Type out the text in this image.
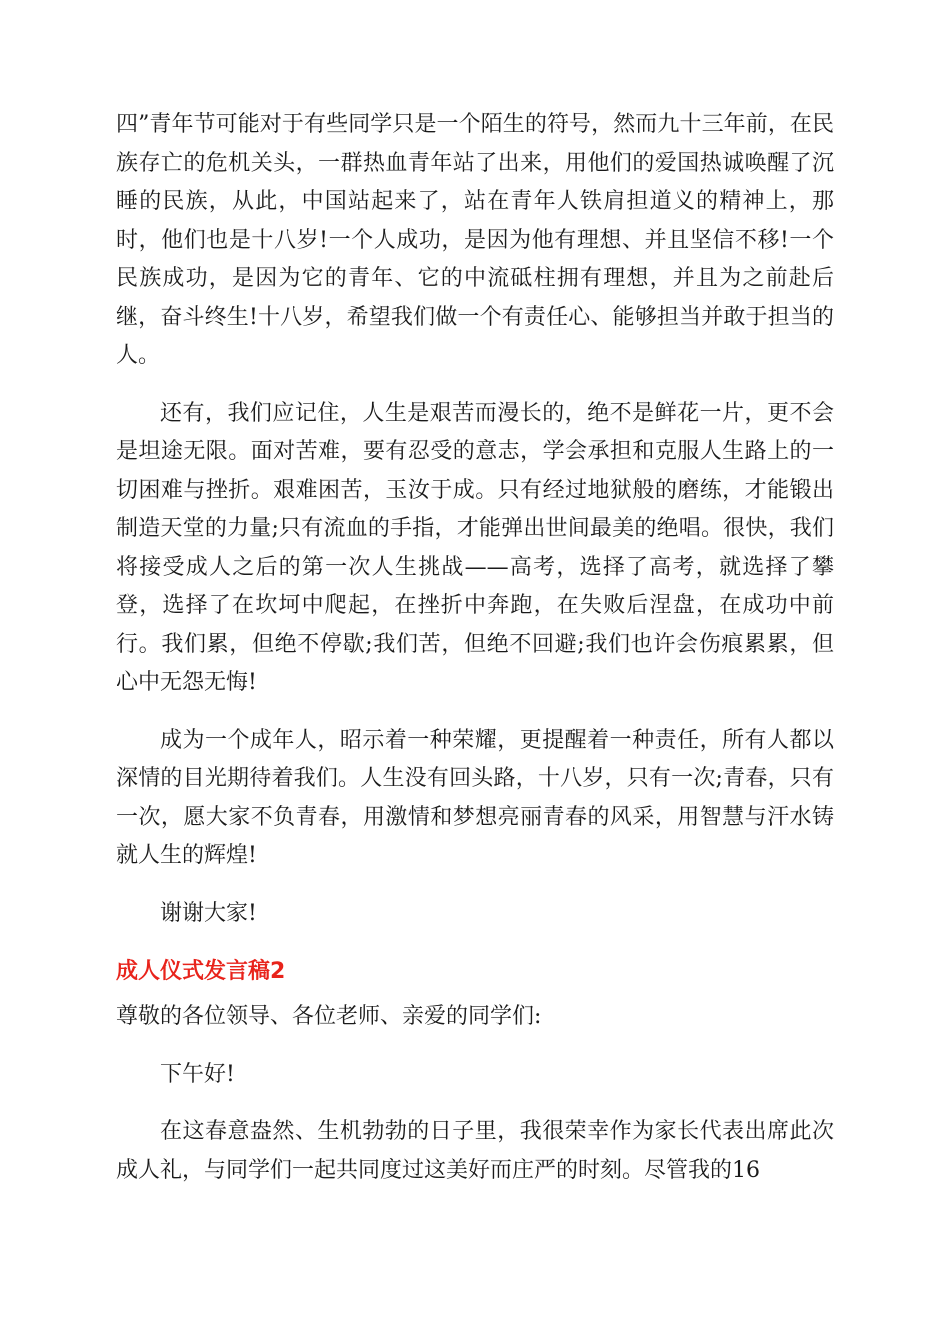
四”青年节可能对于有些同学只是一个陌生的符号，然而九十三年前，在民族存亡的危机关头，一群热血青年站了出来，用他们的爱国热诚唤醒了沉睡的民族，从此，中国站起来了，站在青年人铁肩担道义的精神上，那时，他们也是十八岁!一个人成功，是因为他有理想、并且坚信不移!一个民族成功，是因为它的青年、它的中流砥柱拥有理想，并且为之前赴后继，奋斗终生!十八岁，希望我们做一个有责任心、能够担当并敢于担当的人。

还有，我们应记住，人生是艰苦而漫长的，绝不是鲜花一片，更不会是坦途无限。面对苦难，要有忍受的意志，学会承担和克服人生路上的一切困难与挫折。艰难困苦，玉汝于成。只有经过地狱般的磨练，才能锻出制造天堂的力量;只有流血的手指，才能弹出世间最美的绝唱。很快，我们将接受成人之后的第一次人生挑战——高考，选择了高考，就选择了攀登，选择了在坎坷中爬起，在挫折中奔跑，在失败后涅盘，在成功中前行。我们累，但绝不停歇;我们苦，但绝不回避;我们也许会伤痕累累，但心中无怨无悔!

成为一个成年人，昭示着一种荣耀，更提醒着一种责任，所有人都以深情的目光期待着我们。人生没有回头路，十八岁，只有一次;青春，只有一次，愿大家不负青春，用激情和梦想亮丽青春的风采，用智慧与汗水铸就人生的辉煌!

谢谢大家!

成人仪式发言稿2

尊敬的各位领导、各位老师、亲爱的同学们:

下午好!

在这春意盎然、生机勃勃的日子里，我很荣幸作为家长代表出席此次成人礼，与同学们一起共同度过这美好而庄严的时刻。尽管我的16
